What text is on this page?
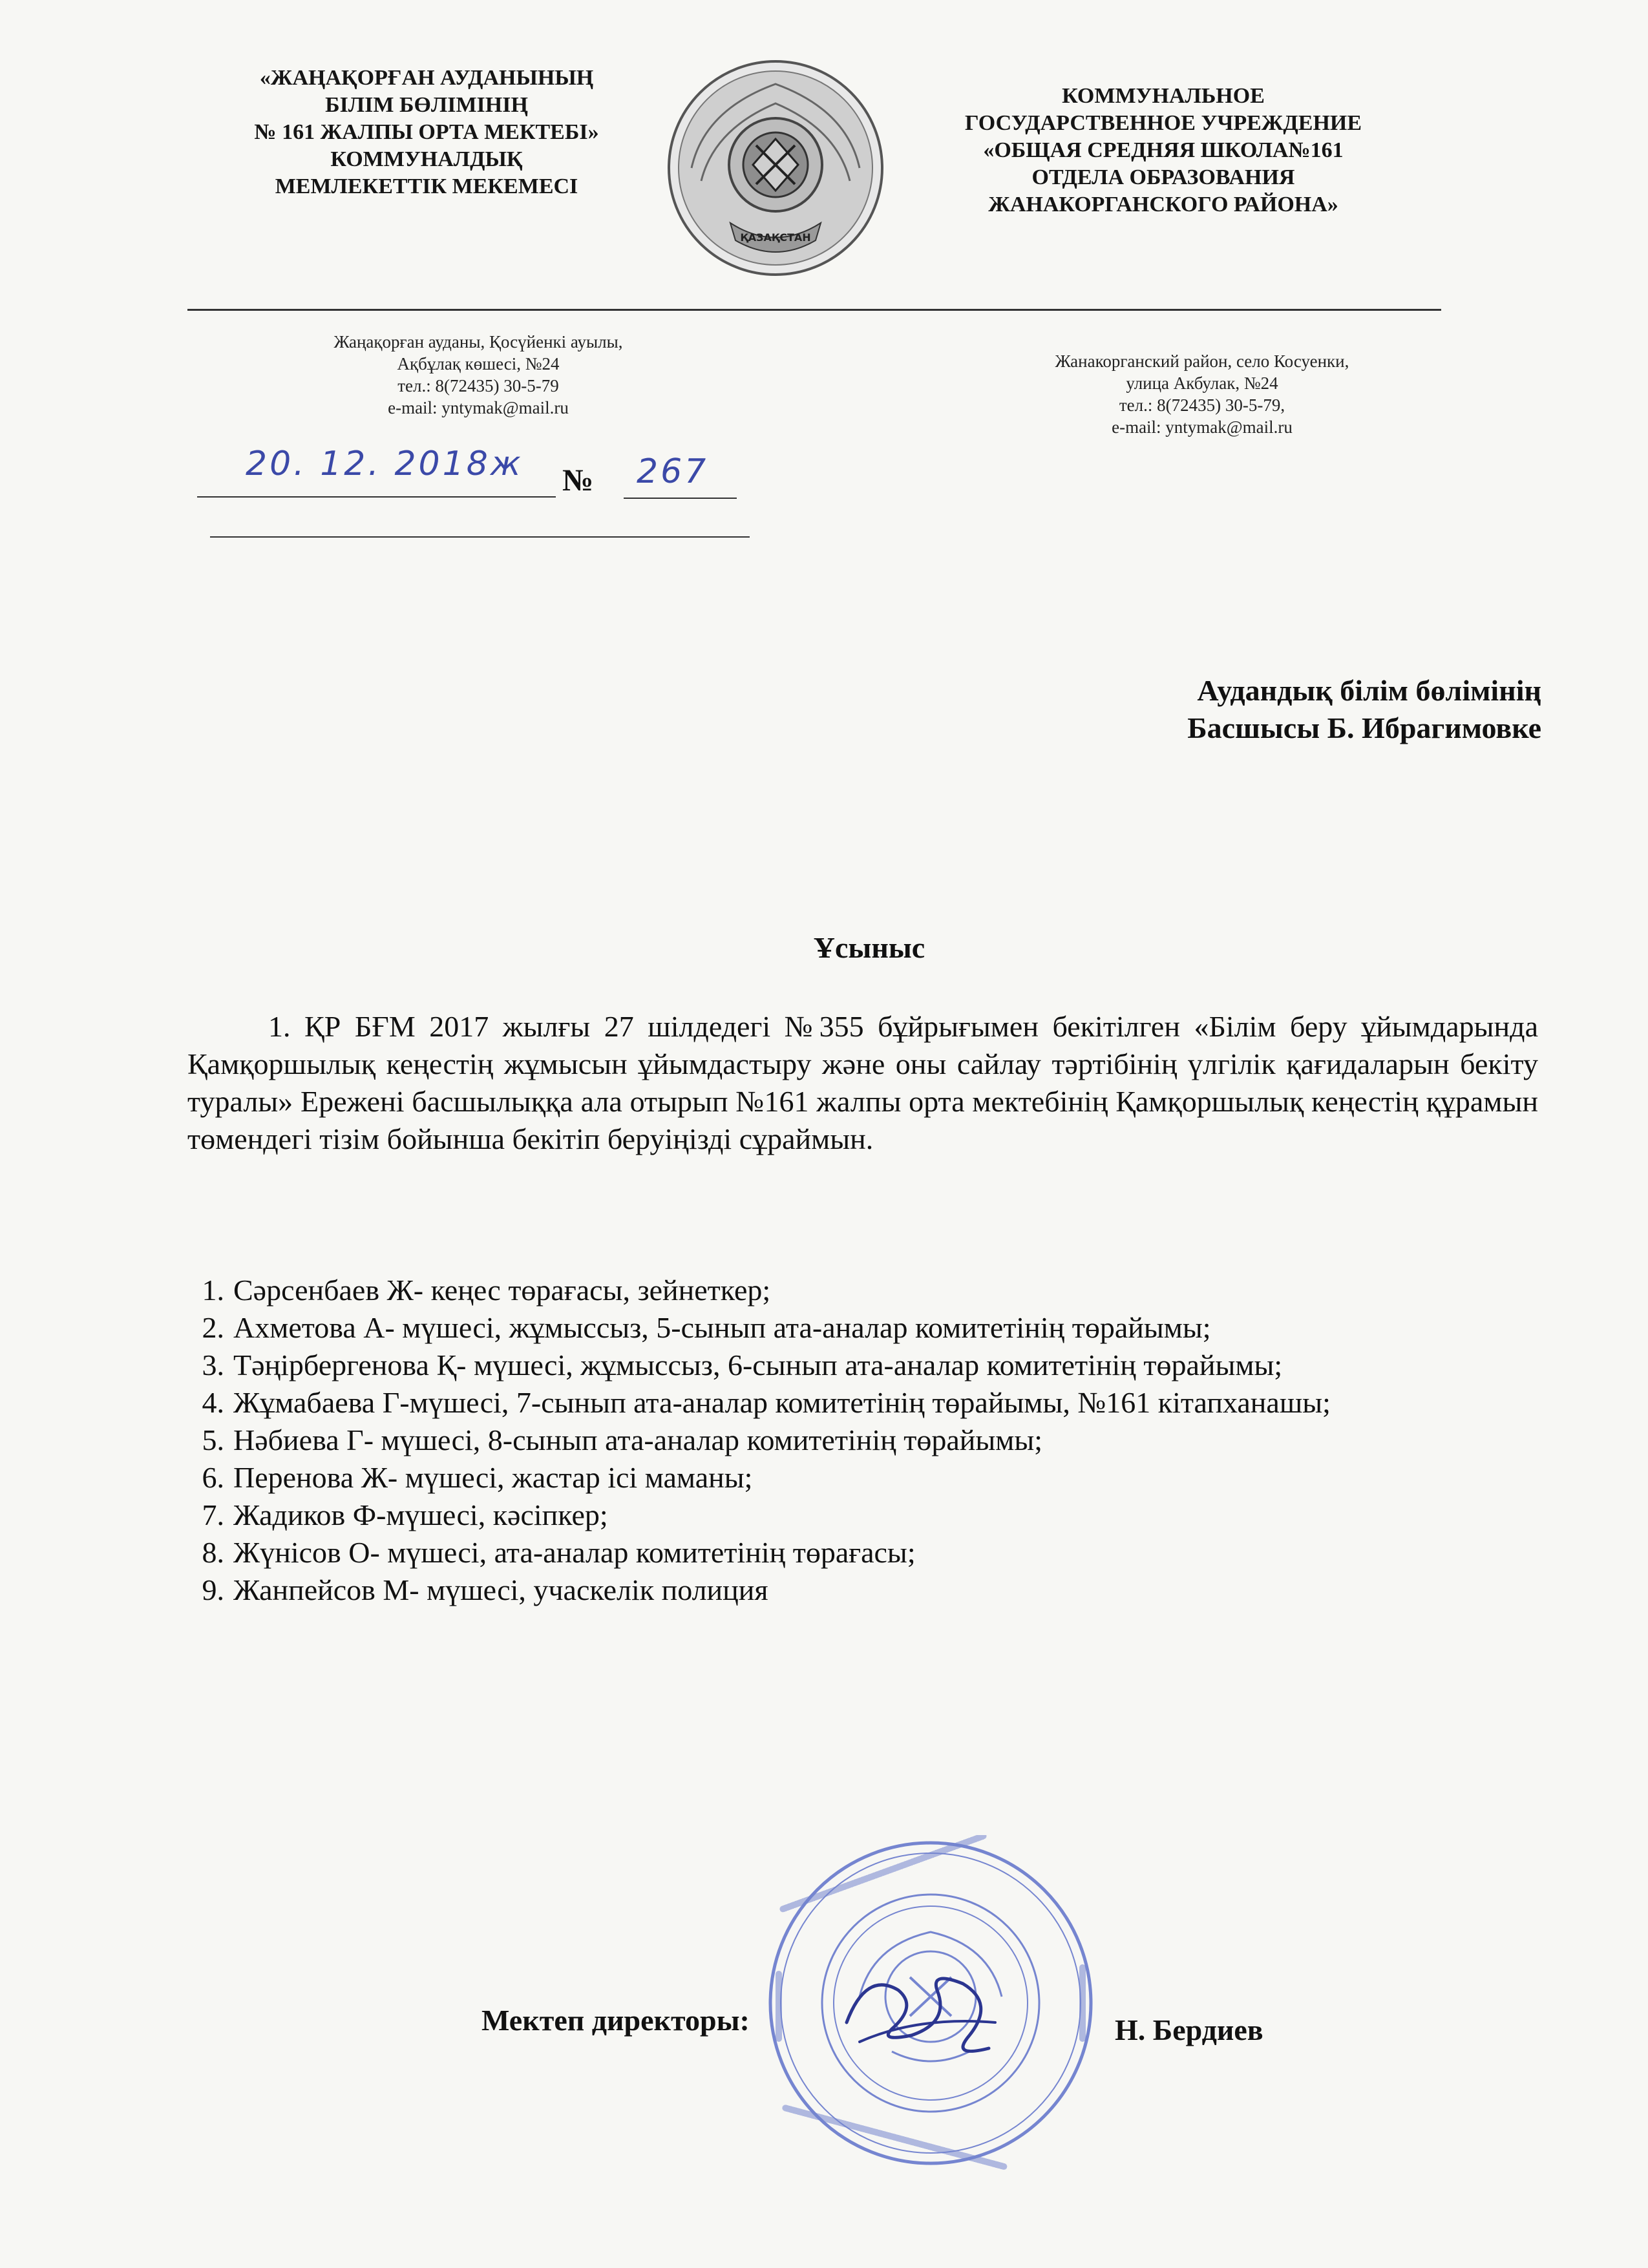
«ЖАҢАҚОРҒАН АУДАНЫНЫҢ
БІЛІМ БӨЛІМІНІҢ
№ 161 ЖАЛПЫ ОРТА МЕКТЕБІ»
КОММУНАЛДЫҚ
МЕМЛЕКЕТТІК МЕКЕМЕСІ
ҚАЗАҚСТАН
КОММУНАЛЬНОЕ
ГОСУДАРСТВЕННОЕ УЧРЕЖДЕНИЕ
«ОБЩАЯ СРЕДНЯЯ ШКОЛА№161
ОТДЕЛА ОБРАЗОВАНИЯ
ЖАНАКОРГАНСКОГО РАЙОНА»
Жаңақорған ауданы, Қосүйенкі ауылы,
Ақбұлақ көшесі, №24
тел.: 8(72435) 30-5-79
e-mail: yntymak@mail.ru
Жанакорганский район, село Косуенки,
улица Акбулак, №24
тел.: 8(72435) 30-5-79,
e-mail: yntymak@mail.ru
20. 12. 2018ж № 267
Аудандық білім бөлімінің
Басшысы Б. Ибрагимовке
Ұсыныс
1. ҚР БҒМ 2017 жылғы 27 шілдедегі №355 бұйрығымен бекітілген «Білім беру ұйымдарында Қамқоршылық кеңестің жұмысын ұйымдастыру және оны сайлау тәртібінің үлгілік қағидаларын бекіту туралы» Ережені басшылыққа ала отырып №161 жалпы орта мектебінің Қамқоршылық кеңестің құрамын төмендегі тізім бойынша бекітіп беруіңізді сұраймын.
1. Сәрсенбаев Ж- кеңес төрағасы, зейнеткер;
2. Ахметова А- мүшесі, жұмыссыз, 5-сынып ата-аналар комитетінің төрайымы;
3. Тәңірбергенова Қ- мүшесі, жұмыссыз, 6-сынып ата-аналар комитетінің төрайымы;
4. Жұмабаева Г-мүшесі, 7-сынып ата-аналар комитетінің төрайымы, №161 кітапханашы;
5. Нәбиева Г- мүшесі, 8-сынып ата-аналар комитетінің төрайымы;
6. Перенова Ж- мүшесі, жастар ісі маманы;
7. Жадиков Ф-мүшесі, кәсіпкер;
8. Жүнісов О- мүшесі, ата-аналар комитетінің төрағасы;
9. Жанпейсов М- мүшесі, учаскелік полиция
Мектеп директоры:	Н. Бердиев
